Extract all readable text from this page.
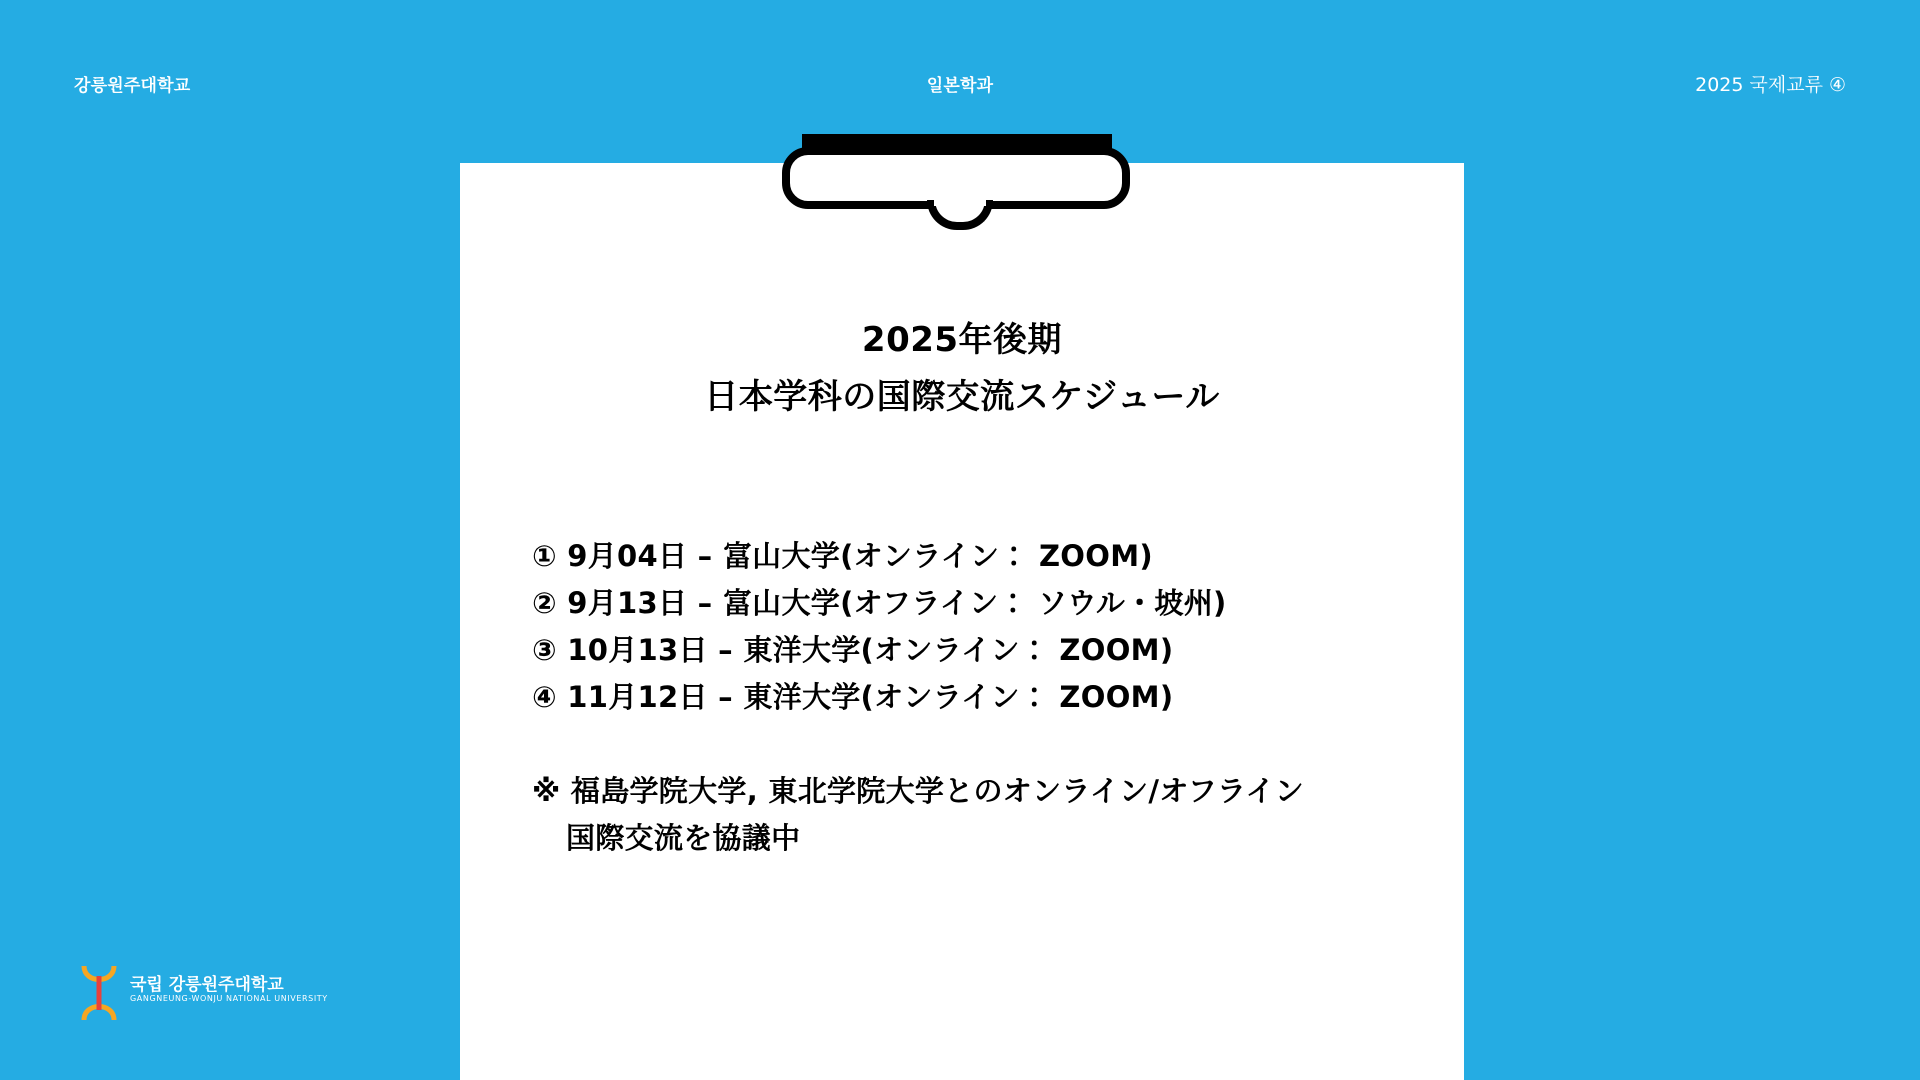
강릉원주대학교	일본학과	2025 국제교류 ④
2025年後期
日本学科の国際交流スケジュール
① 9月04日 – 富山大学(オンライン： ZOOM)
② 9月13日 – 富山大学(オフライン： ソウル・坡州)
③ 10月13日 – 東洋大学(オンライン： ZOOM)
④ 11月12日 – 東洋大学(オンライン： ZOOM)
※ 福島学院大学, 東北学院大学とのオンライン/オフライン
国際交流を協議中
국립 강릉원주대학교
GANGNEUNG-WONJU NATIONAL UNIVERSITY
